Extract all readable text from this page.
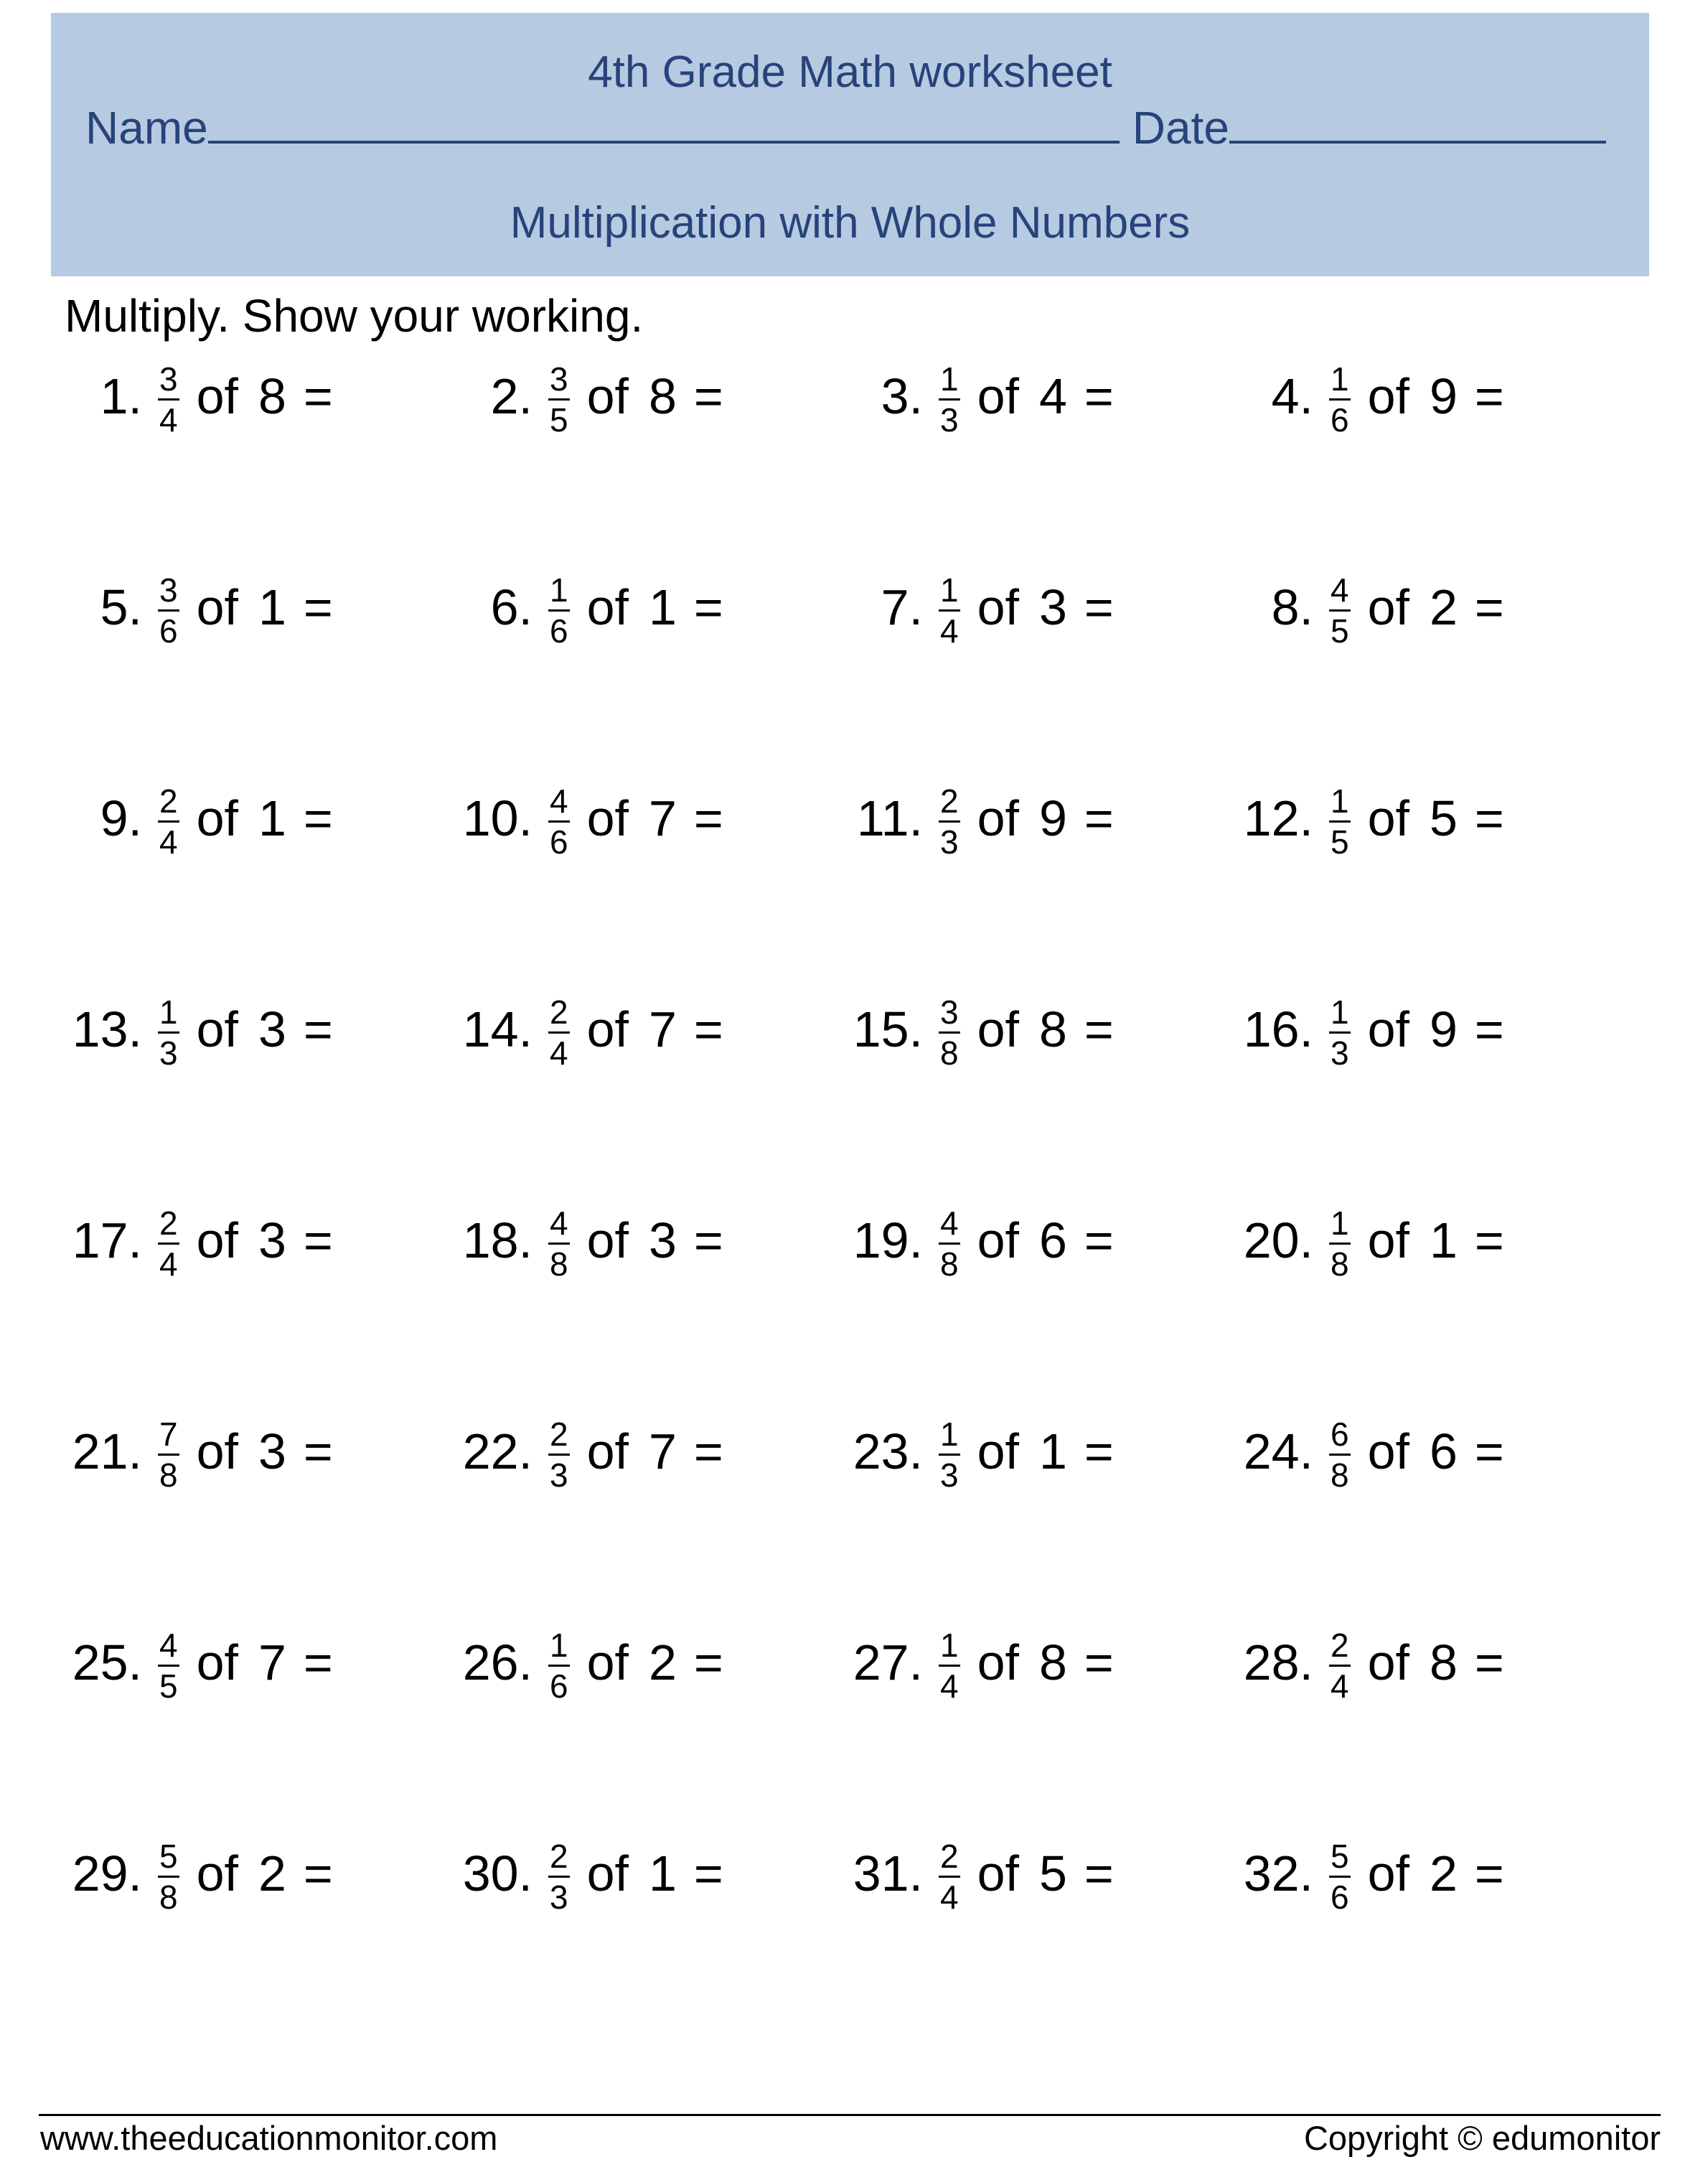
4th Grade Math worksheet
Name	Date
Multiplication with Whole Numbers
Multiply. Show your working.
1. $\frac{3}{4}$ of 8 =	2. $\frac{3}{5}$ of 8 =	3. $\frac{1}{3}$ of 4 =	4. $\frac{1}{6}$ of 9 =
5. $\frac{3}{6}$ of 1 =	6. $\frac{1}{6}$ of 1 =	7. $\frac{1}{4}$ of 3 =	8. $\frac{4}{5}$ of 2 =
9. $\frac{2}{4}$ of 1 =	10. $\frac{4}{6}$ of 7 =	11. $\frac{2}{3}$ of 9 =	12. $\frac{1}{5}$ of 5 =
13. $\frac{1}{3}$ of 3 =	14. $\frac{2}{4}$ of 7 =	15. $\frac{3}{8}$ of 8 =	16. $\frac{1}{3}$ of 9 =
17. $\frac{2}{4}$ of 3 =	18. $\frac{4}{8}$ of 3 =	19. $\frac{4}{8}$ of 6 =	20. $\frac{1}{8}$ of 1 =
21. $\frac{7}{8}$ of 3 =	22. $\frac{2}{3}$ of 7 =	23. $\frac{1}{3}$ of 1 =	24. $\frac{6}{8}$ of 6 =
25. $\frac{4}{5}$ of 7 =	26. $\frac{1}{6}$ of 2 =	27. $\frac{1}{4}$ of 8 =	28. $\frac{2}{4}$ of 8 =
29. $\frac{5}{8}$ of 2 =	30. $\frac{2}{3}$ of 1 =	31. $\frac{2}{4}$ of 5 =	32. $\frac{5}{6}$ of 2 =
www.theeducationmonitor.com	Copyright © edumonitor
